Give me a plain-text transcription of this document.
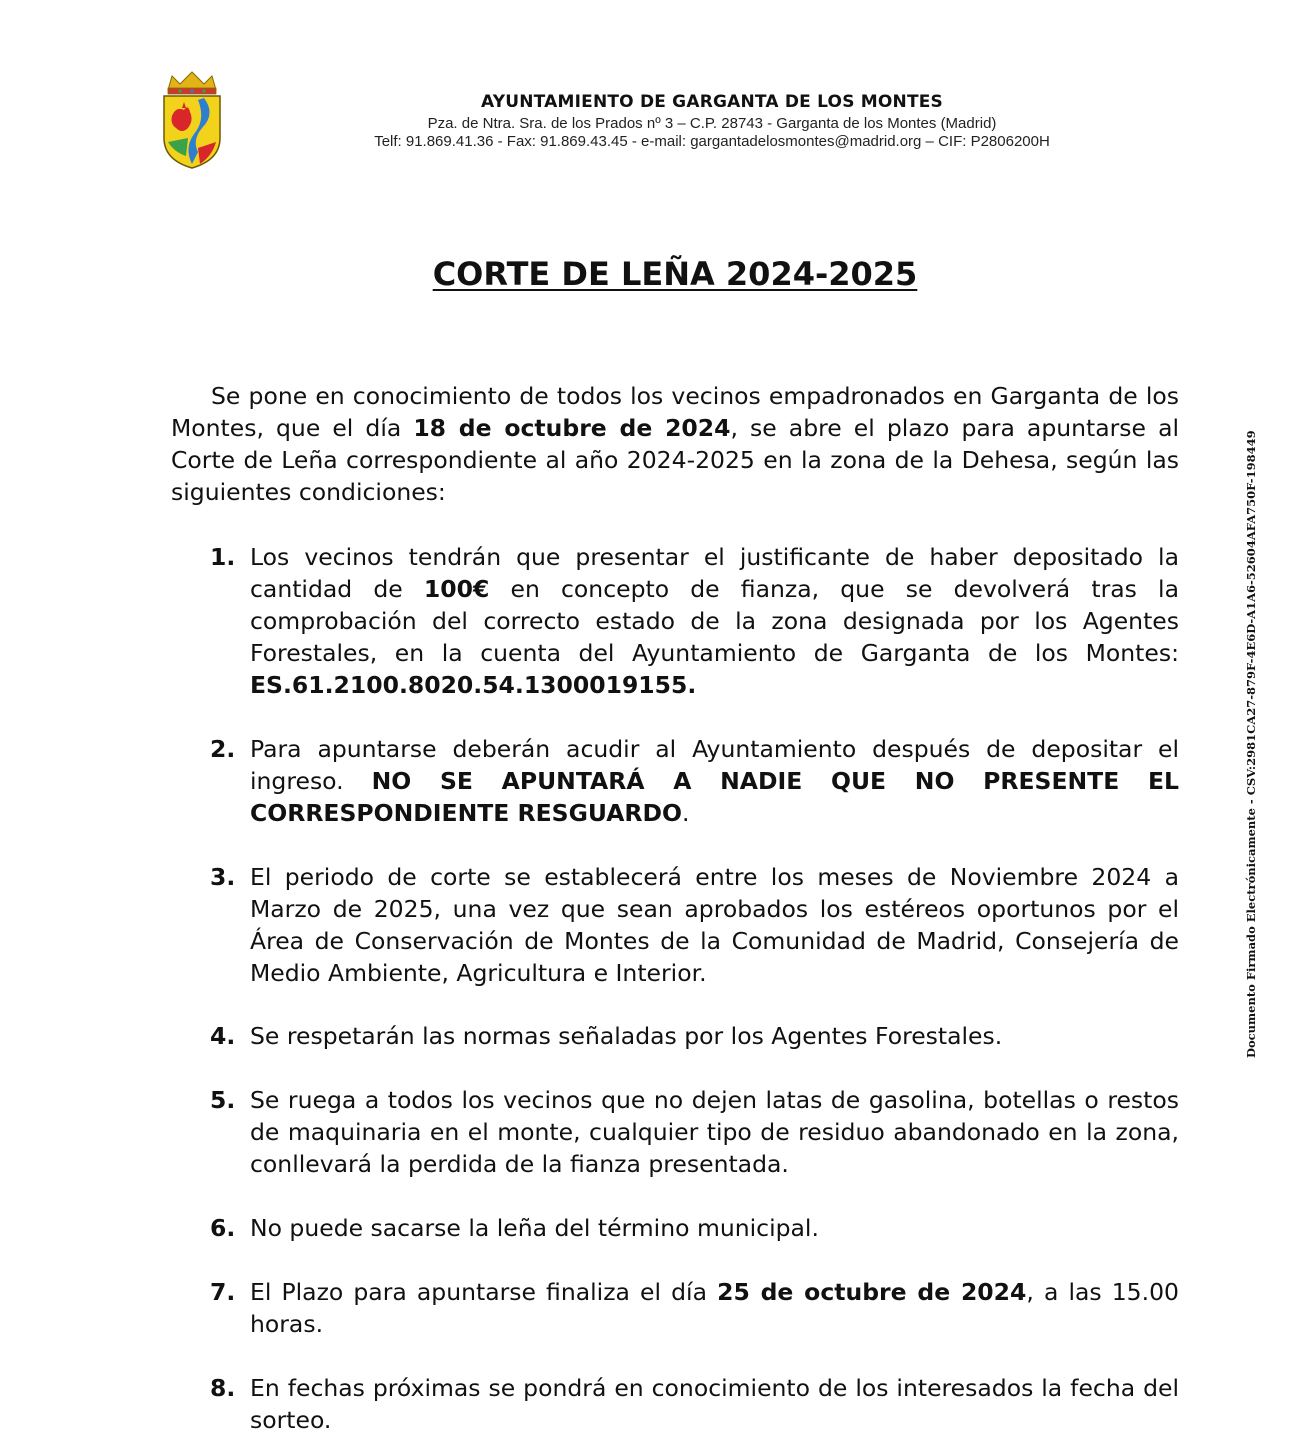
AYUNTAMIENTO DE GARGANTA DE LOS MONTES
Pza. de Ntra. Sra. de los Prados nº 3 – C.P. 28743 - Garganta de los Montes (Madrid)
Telf: 91.869.41.36 - Fax: 91.869.43.45 - e-mail: gargantadelosmontes@madrid.org – CIF: P2806200H
CORTE DE LEÑA 2024-2025
Se pone en conocimiento de todos los vecinos empadronados en Garganta de los Montes, que el día 18 de octubre de 2024, se abre el plazo para apuntarse al Corte de Leña correspondiente al año 2024-2025 en la zona de la Dehesa, según las siguientes condiciones:
1. Los vecinos tendrán que presentar el justificante de haber depositado la cantidad de 100€ en concepto de fianza, que se devolverá tras la comprobación del correcto estado de la zona designada por los Agentes Forestales, en la cuenta del Ayuntamiento de Garganta de los Montes: ES.61.2100.8020.54.1300019155.
2. Para apuntarse deberán acudir al Ayuntamiento después de depositar el ingreso. NO SE APUNTARÁ A NADIE QUE NO PRESENTE EL CORRESPONDIENTE RESGUARDO.
3. El periodo de corte se establecerá entre los meses de Noviembre 2024 a Marzo de 2025, una vez que sean aprobados los estéreos oportunos por el Área de Conservación de Montes de la Comunidad de Madrid, Consejería de Medio Ambiente, Agricultura e Interior.
4. Se respetarán las normas señaladas por los Agentes Forestales.
5. Se ruega a todos los vecinos que no dejen latas de gasolina, botellas o restos de maquinaria en el monte, cualquier tipo de residuo abandonado en la zona, conllevará la perdida de la fianza presentada.
6. No puede sacarse la leña del término municipal.
7. El Plazo para apuntarse finaliza el día 25 de octubre de 2024, a las 15.00 horas.
8. En fechas próximas se pondrá en conocimiento de los interesados la fecha del sorteo.
Documento Firmado Electrónicamente - CSV:2981CA27-879F-4E6D-A1A6-52604AFA750F-198449
